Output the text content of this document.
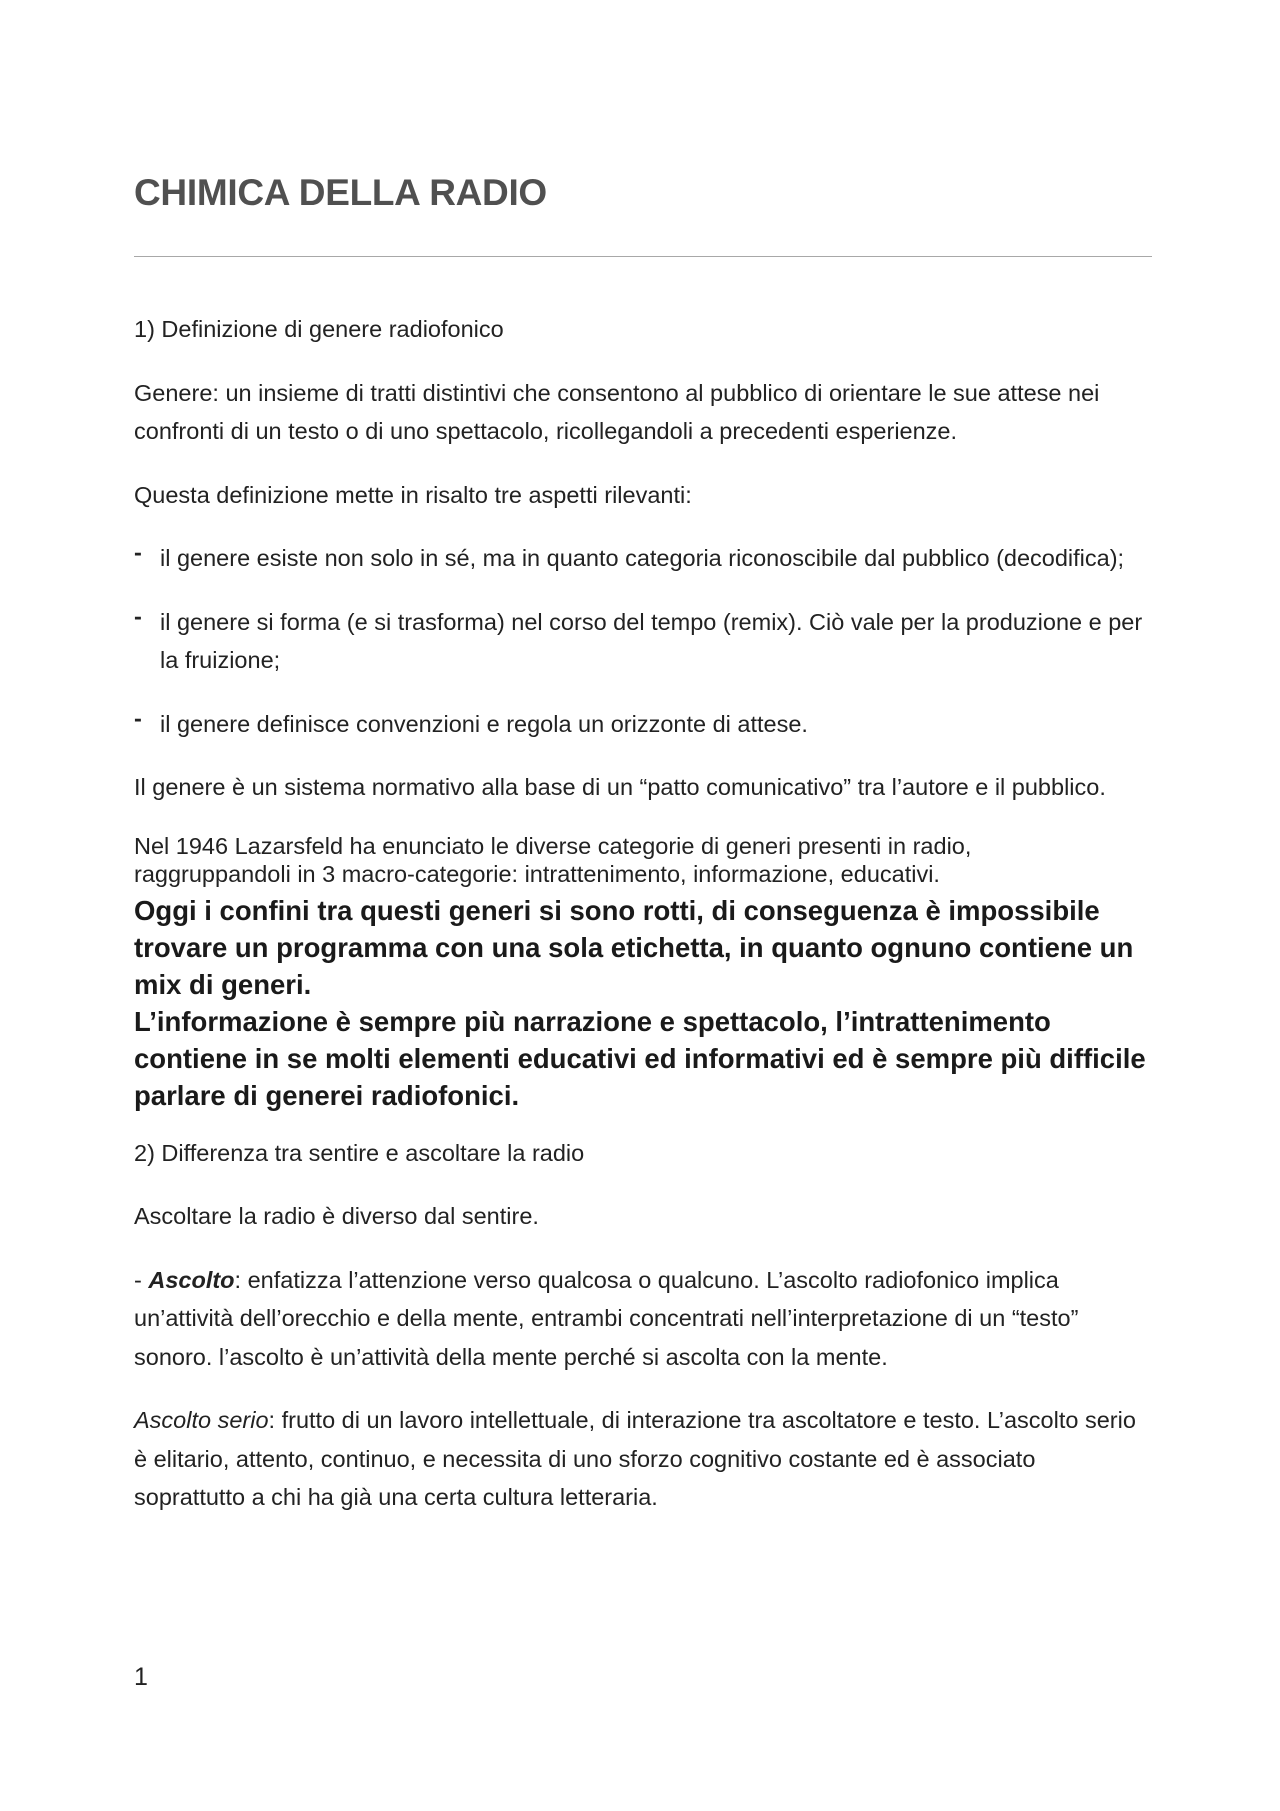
CHIMICA DELLA RADIO

1) Definizione di genere radiofonico

Genere: un insieme di tratti distintivi che consentono al pubblico di orientare le sue attese nei confronti di un testo o di uno spettacolo, ricollegandoli a precedenti esperienze.

Questa definizione mette in risalto tre aspetti rilevanti:

- il genere esiste non solo in sé, ma in quanto categoria riconoscibile dal pubblico (decodifica);
- il genere si forma (e si trasforma) nel corso del tempo (remix). Ciò vale per la produzione e per la fruizione;
- il genere definisce convenzioni e regola un orizzonte di attese.

Il genere è un sistema normativo alla base di un “patto comunicativo” tra l’autore e il pubblico.

Nel 1946 Lazarsfeld ha enunciato le diverse categorie di generi presenti in radio,

raggruppandoli in 3 macro-categorie: intrattenimento, informazione, educativi.

Oggi i confini tra questi generi si sono rotti, di conseguenza è impossibile trovare un programma con una sola etichetta, in quanto ognuno contiene un mix di generi.

L’informazione è sempre più narrazione e spettacolo, l’intrattenimento contiene in se molti elementi educativi ed informativi ed è sempre più difficile parlare di generei radiofonici.

2) Differenza tra sentire e ascoltare la radio

Ascoltare la radio è diverso dal sentire.

- Ascolto: enfatizza l’attenzione verso qualcosa o qualcuno. L’ascolto radiofonico implica un’attività dell’orecchio e della mente, entrambi concentrati nell’interpretazione di un “testo” sonoro. l’ascolto è un’attività della mente perché si ascolta con la mente.

Ascolto serio: frutto di un lavoro intellettuale, di interazione tra ascoltatore e testo. L’ascolto serio è elitario, attento, continuo, e necessita di uno sforzo cognitivo costante ed è associato soprattutto a chi ha già una certa cultura letteraria.

1
